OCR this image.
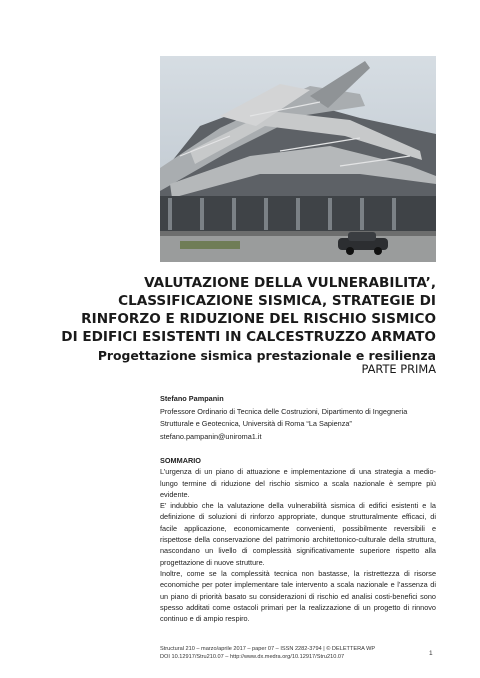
VALUTAZIONE DELLA VULNERABILITA’,
CLASSIFICAZIONE SISMICA, STRATEGIE DI
RINFORZO E RIDUZIONE DEL RISCHIO SISMICO
DI EDIFICI ESISTENTI IN CALCESTRUZZO ARMATO
Progettazione sismica prestazionale e resilienza
PARTE PRIMA
Stefano Pampanin
Professore Ordinario di Tecnica delle Costruzioni, Dipartimento di Ingegneria
Strutturale e Geotecnica, Università di Roma “La Sapienza”
stefano.pampanin@uniroma1.it
SOMMARIO

L’urgenza di un piano di attuazione e implementazione di una strategia a medio-lungo termine di riduzione del rischio sismico a scala nazionale è sempre più evidente.

E’ indubbio che la valutazione della vulnerabilità sismica di edifici esistenti e la definizione di soluzioni di rinforzo appropriate, dunque strutturalmente efficaci, di facile applicazione, economicamente convenienti, possibilmente reversibili e rispettose della conservazione del patrimonio architettonico-culturale della struttura, nascondano un livello di complessità significativamente superiore rispetto alla progettazione di nuove strutture.

Inoltre, come se la complessità tecnica non bastasse, la ristrettezza di risorse economiche per poter implementare tale intervento a scala nazionale e l’assenza di un piano di priorità basato su considerazioni di rischio ed analisi costi-benefici sono spesso additati come ostacoli primari per la realizzazione di un progetto di rinnovo continuo e di ampio respiro.

Structural 210 – marzo/aprile 2017 – paper 07 – ISSN 2282-3794 | © DELETTERA WP
DOI 10.12917/Stru210.07 – http://www.dx.medra.org/10.12917/Stru210.07	1
